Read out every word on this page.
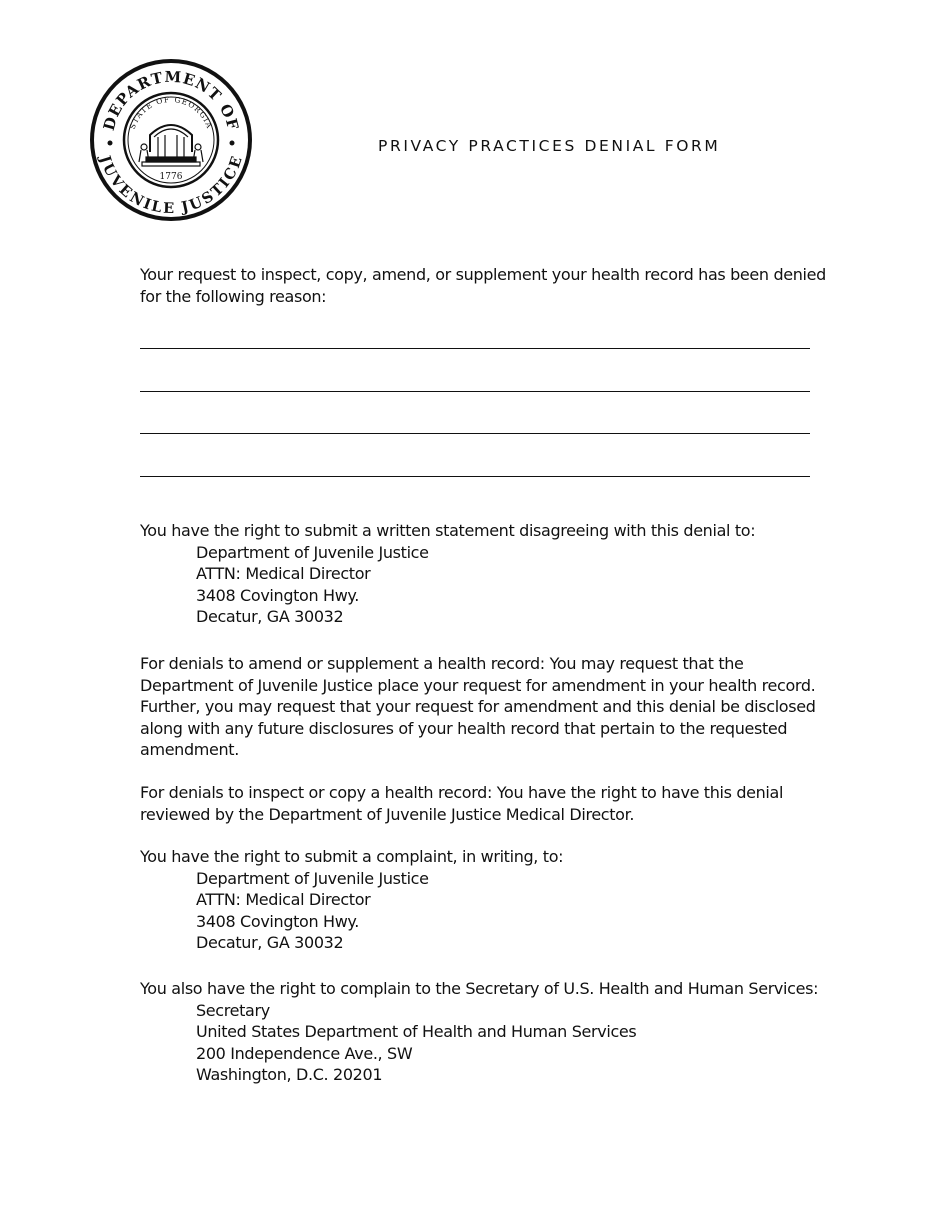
DEPARTMENT OF
JUVENILE JUSTICE
STATE OF GEORGIA
1776
PRIVACY PRACTICES DENIAL FORM
Your request to inspect, copy, amend, or supplement your health record has been denied
for the following reason:
You have the right to submit a written statement disagreeing with this denial to:
Department of Juvenile Justice
ATTN: Medical Director
3408 Covington Hwy.
Decatur, GA 30032
For denials to amend or supplement a health record: You may request that the
Department of Juvenile Justice place your request for amendment in your health record.
Further, you may request that your request for amendment and this denial be disclosed
along with any future disclosures of your health record that pertain to the requested
amendment.
For denials to inspect or copy a health record: You have the right to have this denial
reviewed by the Department of Juvenile Justice Medical Director.
You have the right to submit a complaint, in writing, to:
Department of Juvenile Justice
ATTN: Medical Director
3408 Covington Hwy.
Decatur, GA 30032
You also have the right to complain to the Secretary of U.S. Health and Human Services:
Secretary
United States Department of Health and Human Services
200 Independence Ave., SW
Washington, D.C. 20201
